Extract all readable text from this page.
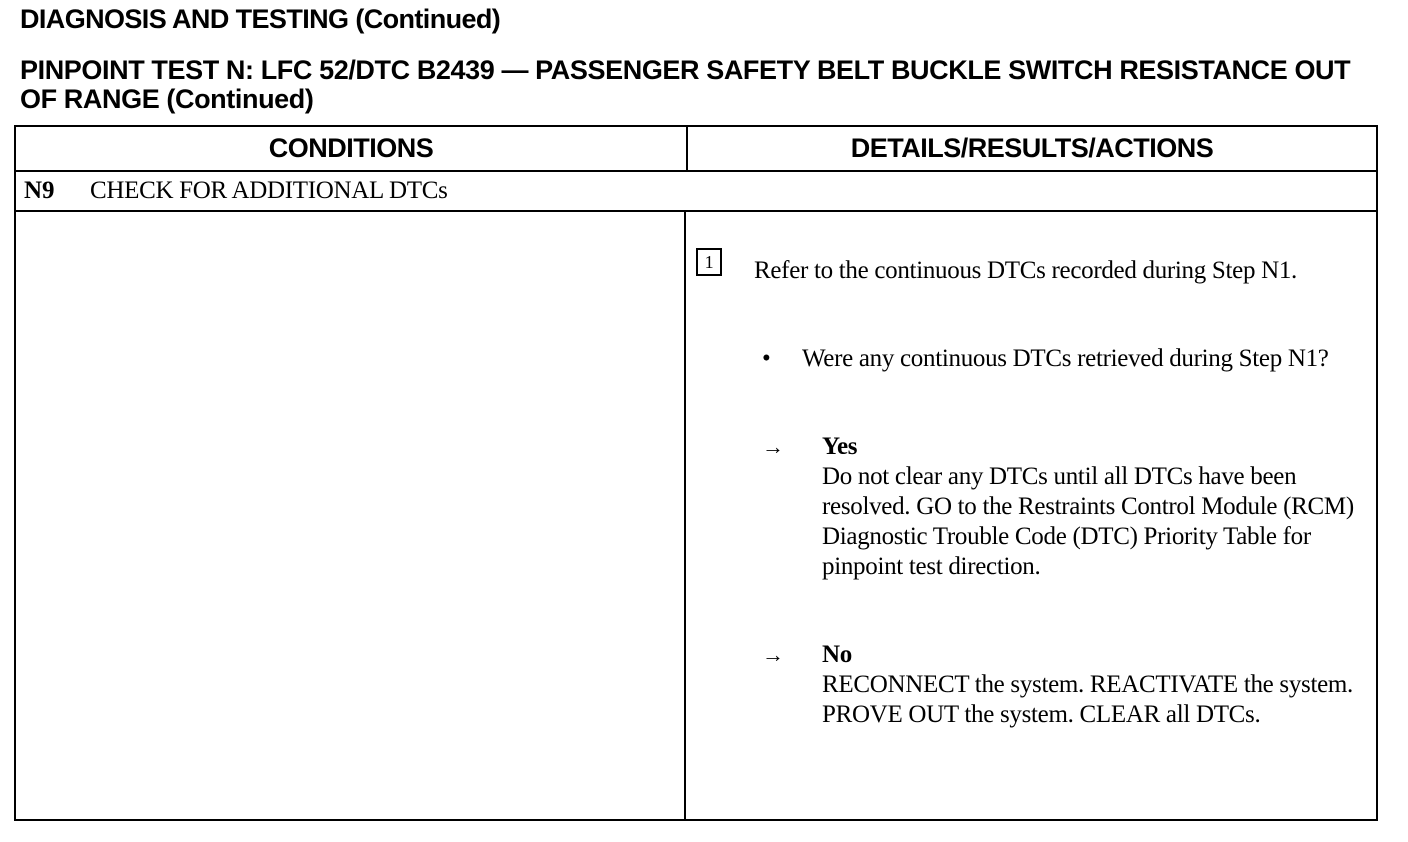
DIAGNOSIS AND TESTING (Continued)
PINPOINT TEST N: LFC 52/DTC B2439 — PASSENGER SAFETY BELT BUCKLE SWITCH RESISTANCE OUT OF RANGE (Continued)
CONDITIONS	DETAILS/RESULTS/ACTIONS
N9 CHECK FOR ADDITIONAL DTCs
1	Refer to the continuous DTCs recorded during Step N1.
• Were any continuous DTCs retrieved during Step N1?
→ Yes
Do not clear any DTCs until all DTCs have been resolved. GO to the Restraints Control Module (RCM) Diagnostic Trouble Code (DTC) Priority Table for pinpoint test direction.
→ No
RECONNECT the system. REACTIVATE the system. PROVE OUT the system. CLEAR all DTCs.
